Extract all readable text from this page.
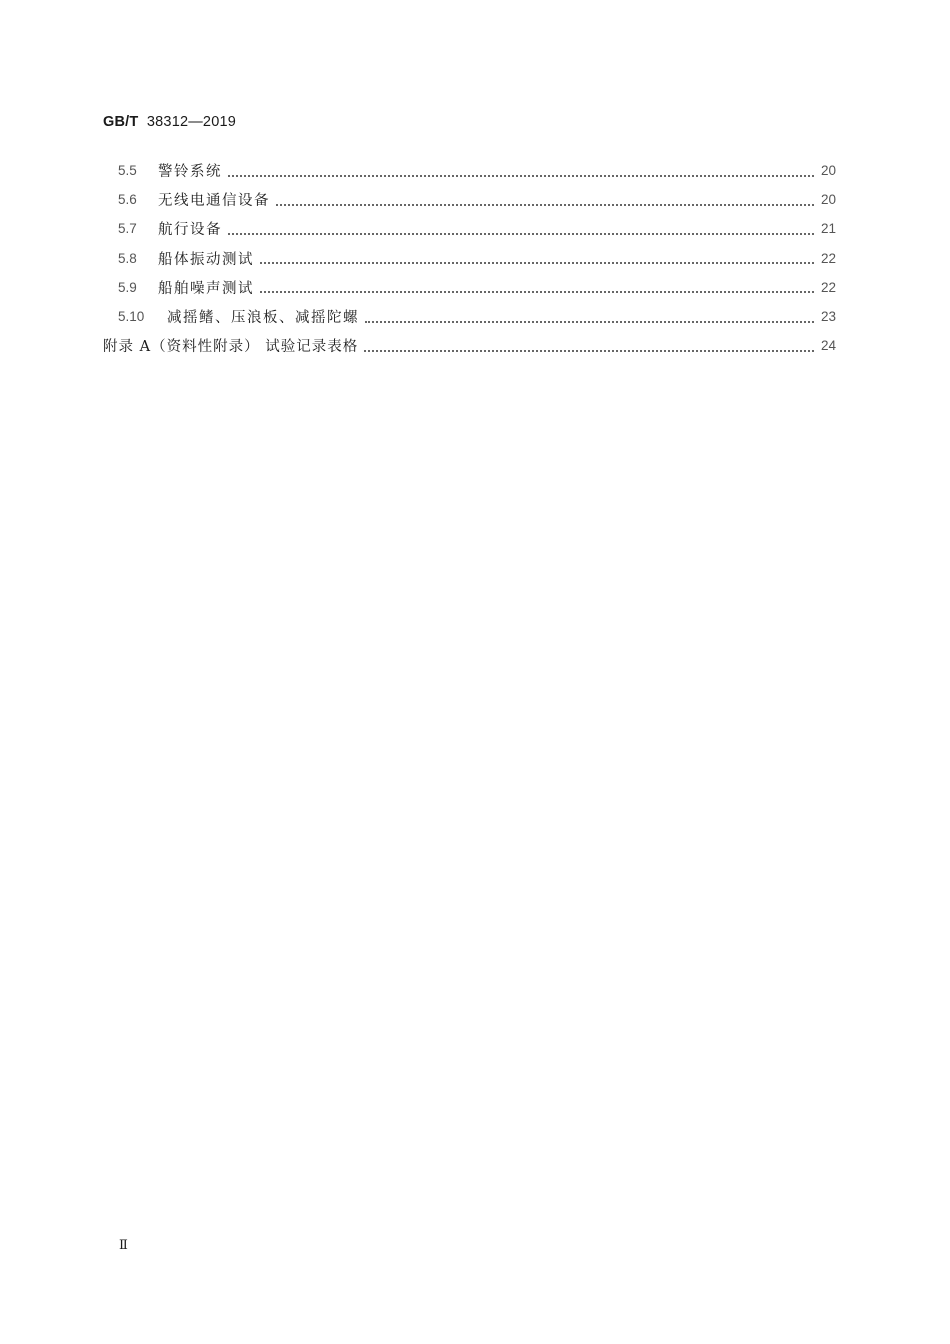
GB/T 38312—2019
5.5	警铃系统	20
5.6	无线电通信设备	20
5.7	航行设备	21
5.8	船体振动测试	22
5.9	船舶噪声测试	22
5.10	减摇鳍、压浪板、减摇陀螺	23
附录 A（资料性附录） 试验记录表格	24
Ⅱ
